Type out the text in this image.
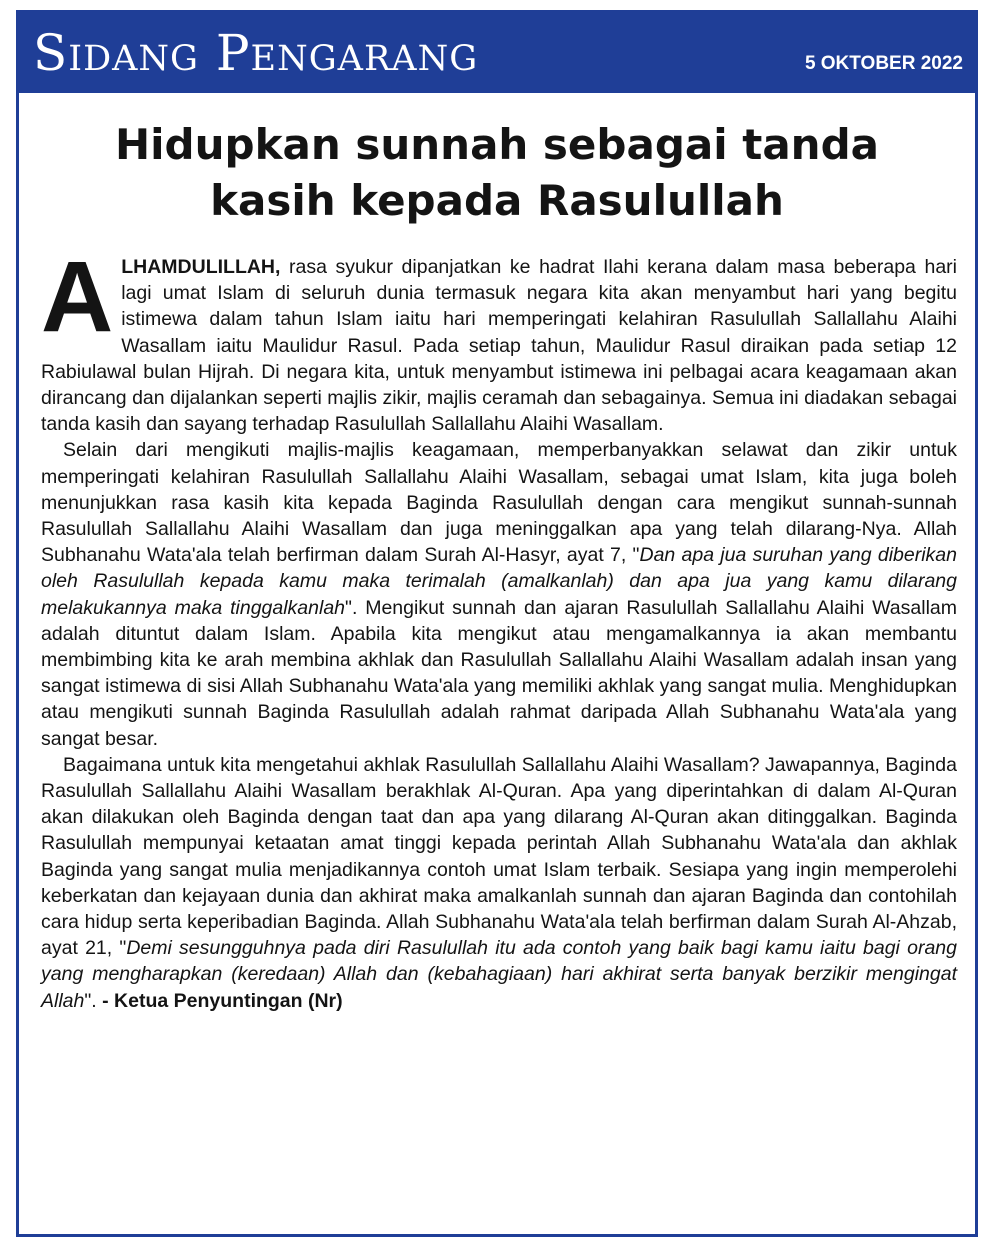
Sidang Pengarang	5 OKTOBER 2022
Hidupkan sunnah sebagai tanda
kasih kepada Rasulullah

ALHAMDULILLAH, rasa syukur dipanjatkan ke hadrat Ilahi kerana dalam masa beberapa hari lagi umat Islam di seluruh dunia termasuk negara kita akan menyambut hari yang begitu istimewa dalam tahun Islam iaitu hari memperingati kelahiran Rasulullah Sallallahu Alaihi Wasallam iaitu Maulidur Rasul. Pada setiap tahun, Maulidur Rasul diraikan pada setiap 12 Rabiulawal bulan Hijrah. Di negara kita, untuk menyambut istimewa ini pelbagai acara keagamaan akan dirancang dan dijalankan seperti majlis zikir, majlis ceramah dan sebagainya. Semua ini diadakan sebagai tanda kasih dan sayang terhadap Rasulullah Sallallahu Alaihi Wasallam.

Selain dari mengikuti majlis-majlis keagamaan, memperbanyakkan selawat dan zikir untuk memperingati kelahiran Rasulullah Sallallahu Alaihi Wasallam, sebagai umat Islam, kita juga boleh menunjukkan rasa kasih kita kepada Baginda Rasulullah dengan cara mengikut sunnah-sunnah Rasulullah Sallallahu Alaihi Wasallam dan juga meninggalkan apa yang telah dilarang-Nya. Allah Subhanahu Wata'ala telah berfirman dalam Surah Al-Hasyr, ayat 7, "Dan apa jua suruhan yang diberikan oleh Rasulullah kepada kamu maka terimalah (amalkanlah) dan apa jua yang kamu dilarang melakukannya maka tinggalkanlah". Mengikut sunnah dan ajaran Rasulullah Sallallahu Alaihi Wasallam adalah dituntut dalam Islam. Apabila kita mengikut atau mengamalkannya ia akan membantu membimbing kita ke arah membina akhlak dan Rasulullah Sallallahu Alaihi Wasallam adalah insan yang sangat istimewa di sisi Allah Subhanahu Wata'ala yang memiliki akhlak yang sangat mulia. Menghidupkan atau mengikuti sunnah Baginda Rasulullah adalah rahmat daripada Allah Subhanahu Wata'ala yang sangat besar.

Bagaimana untuk kita mengetahui akhlak Rasulullah Sallallahu Alaihi Wasallam? Jawapannya, Baginda Rasulullah Sallallahu Alaihi Wasallam berakhlak Al-Quran. Apa yang diperintahkan di dalam Al-Quran akan dilakukan oleh Baginda dengan taat dan apa yang dilarang Al-Quran akan ditinggalkan. Baginda Rasulullah mempunyai ketaatan amat tinggi kepada perintah Allah Subhanahu Wata'ala dan akhlak Baginda yang sangat mulia menjadikannya contoh umat Islam terbaik. Sesiapa yang ingin memperolehi keberkatan dan kejayaan dunia dan akhirat maka amalkanlah sunnah dan ajaran Baginda dan contohilah cara hidup serta keperibadian Baginda. Allah Subhanahu Wata'ala telah berfirman dalam Surah Al-Ahzab, ayat 21, "Demi sesungguhnya pada diri Rasulullah itu ada contoh yang baik bagi kamu iaitu bagi orang yang mengharapkan (keredaan) Allah dan (kebahagiaan) hari akhirat serta banyak berzikir mengingat Allah". - Ketua Penyuntingan (Nr)
